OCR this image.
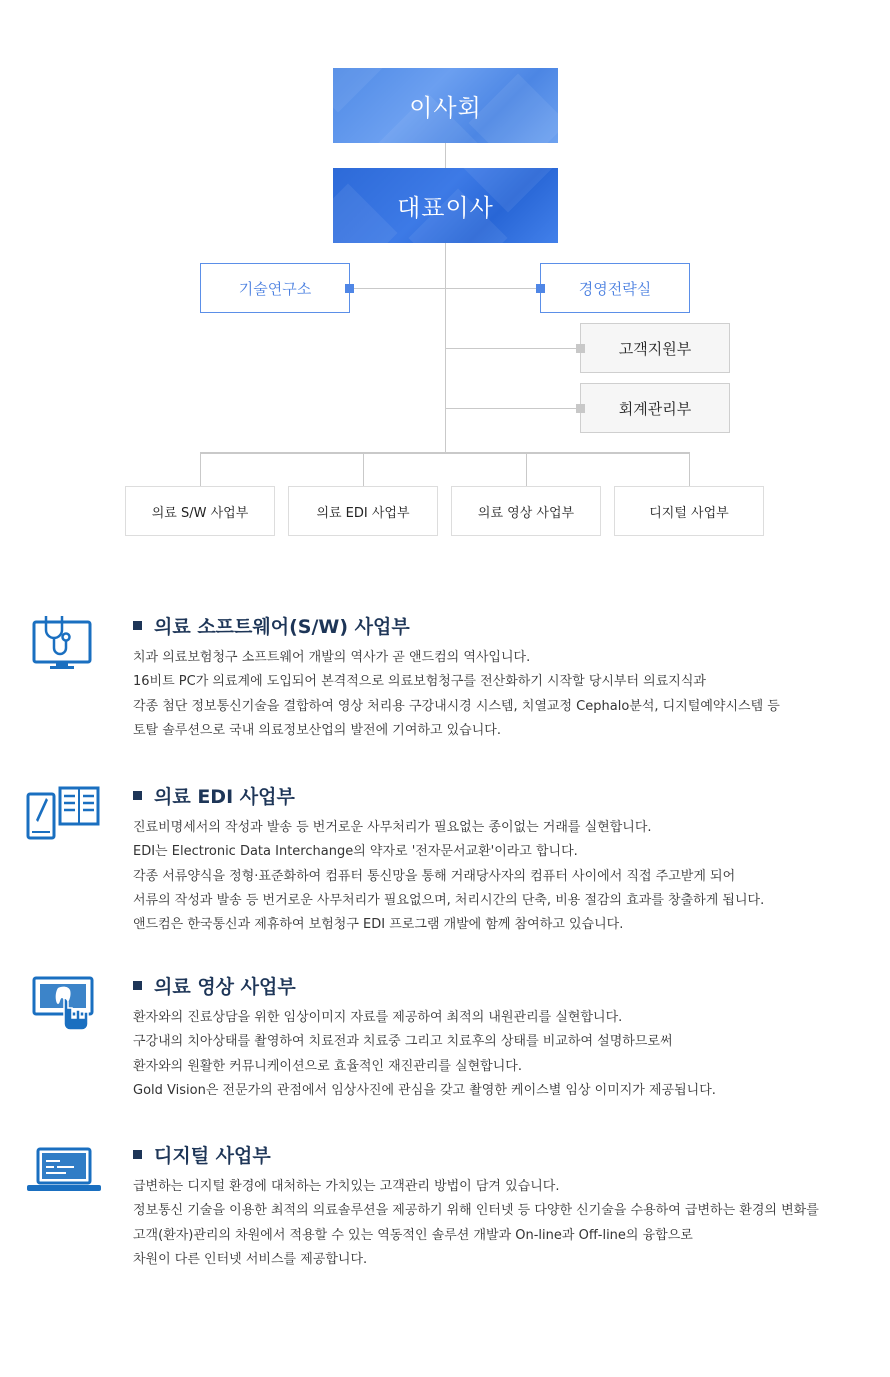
이사회
대표이사
기술연구소	경영전략실
고객지원부
회계관리부
의료 S/W 사업부	의료 EDI 사업부	의료 영상 사업부	디지털 사업부
의료 소프트웨어(S/W) 사업부
치과 의료보험청구 소프트웨어 개발의 역사가 곧 앤드컴의 역사입니다.
16비트 PC가 의료계에 도입되어 본격적으로 의료보험청구를 전산화하기 시작할 당시부터 의료지식과
각종 첨단 정보통신기술을 결합하여 영상 처리용 구강내시경 시스템, 치열교정 Cephalo분석, 디지털예약시스템 등
토탈 솔루션으로 국내 의료정보산업의 발전에 기여하고 있습니다.
의료 EDI 사업부
진료비명세서의 작성과 발송 등 번거로운 사무처리가 필요없는 종이없는 거래를 실현합니다.
EDI는 Electronic Data Interchange의 약자로 '전자문서교환'이라고 합니다.
각종 서류양식을 정형·표준화하여 컴퓨터 통신망을 통해 거래당사자의 컴퓨터 사이에서 직접 주고받게 되어
서류의 작성과 발송 등 번거로운 사무처리가 필요없으며, 처리시간의 단축, 비용 절감의 효과를 창출하게 됩니다.
앤드컴은 한국통신과 제휴하여 보험청구 EDI 프로그램 개발에 함께 참여하고 있습니다.
의료 영상 사업부
환자와의 진료상담을 위한 임상이미지 자료를 제공하여 최적의 내원관리를 실현합니다.
구강내의 치아상태를 촬영하여 치료전과 치료중 그리고 치료후의 상태를 비교하여 설명하므로써
환자와의 원활한 커뮤니케이션으로 효율적인 재진관리를 실현합니다.
Gold Vision은 전문가의 관점에서 임상사진에 관심을 갖고 촬영한 케이스별 임상 이미지가 제공됩니다.
디지털 사업부
급변하는 디지털 환경에 대처하는 가치있는 고객관리 방법이 담겨 있습니다.
정보통신 기술을 이용한 최적의 의료솔루션을 제공하기 위해 인터넷 등 다양한 신기술을 수용하여 급변하는 환경의 변화를
고객(환자)관리의 차원에서 적용할 수 있는 역동적인 솔루션 개발과 On-line과 Off-line의 융합으로
차원이 다른 인터넷 서비스를 제공합니다.
